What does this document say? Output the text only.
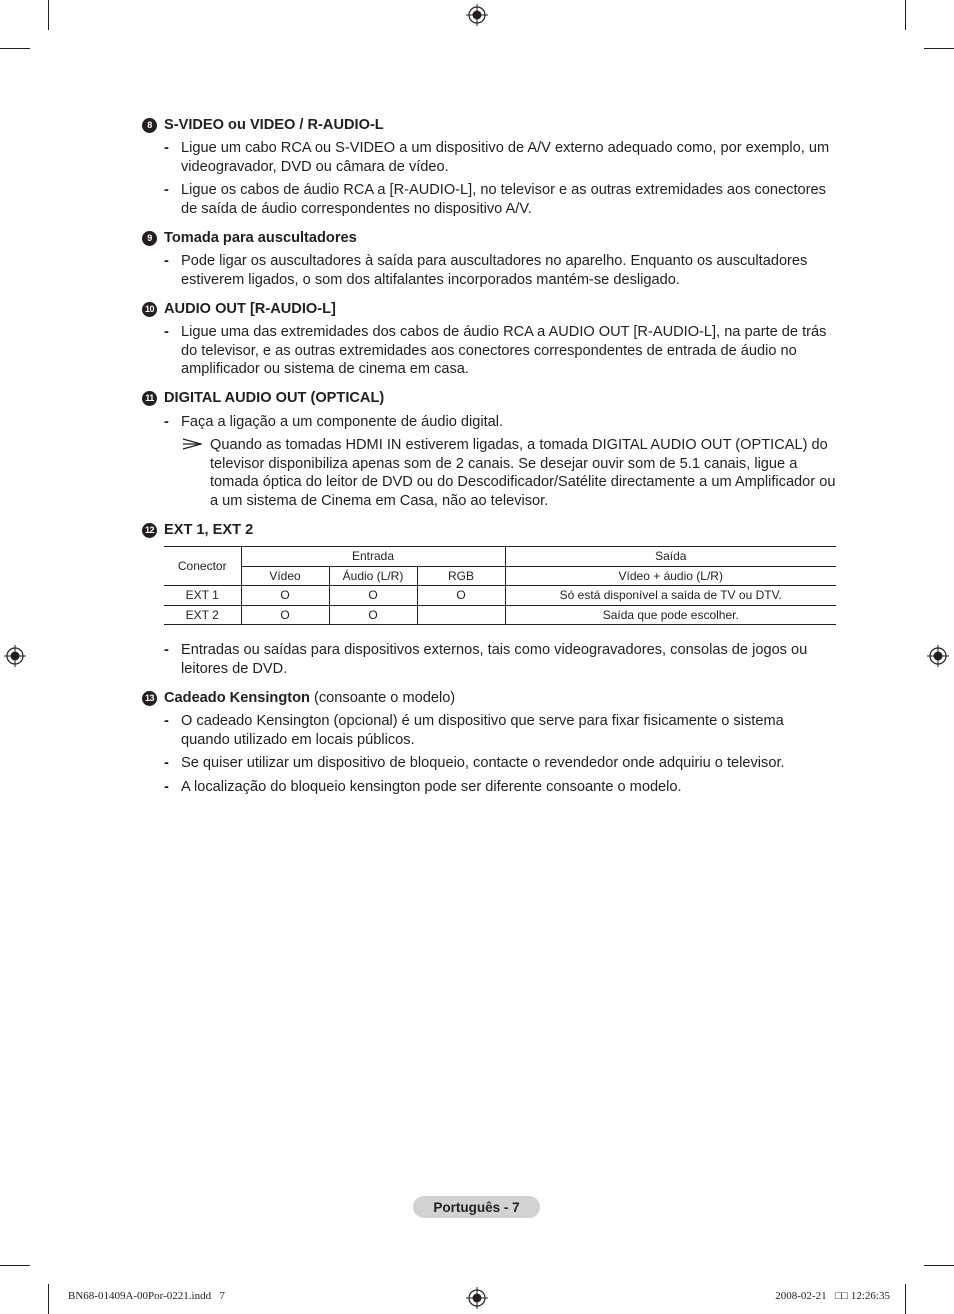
8 S-VIDEO ou VIDEO / R-AUDIO-L
- Ligue um cabo RCA ou S-VIDEO a um dispositivo de A/V externo adequado como, por exemplo, um videogravador, DVD ou câmara de vídeo.
- Ligue os cabos de áudio RCA a [R-AUDIO-L], no televisor e as outras extremidades aos conectores de saída de áudio correspondentes no dispositivo A/V.
9 Tomada para auscultadores
- Pode ligar os auscultadores à saída para auscultadores no aparelho. Enquanto os auscultadores estiverem ligados, o som dos altifalantes incorporados mantém-se desligado.
10 AUDIO OUT [R-AUDIO-L]
- Ligue uma das extremidades dos cabos de áudio RCA a AUDIO OUT [R-AUDIO-L], na parte de trás do televisor, e as outras extremidades aos conectores correspondentes de entrada de áudio no amplificador ou sistema de cinema em casa.
11 DIGITAL AUDIO OUT (OPTICAL)
- Faça a ligação a um componente de áudio digital.
Quando as tomadas HDMI IN estiverem ligadas, a tomada DIGITAL AUDIO OUT (OPTICAL) do televisor disponibiliza apenas som de 2 canais. Se desejar ouvir som de 5.1 canais, ligue a tomada óptica do leitor de DVD ou do Descodificador/Satélite directamente a um Amplificador ou a um sistema de Cinema em Casa, não ao televisor.
12 EXT 1, EXT 2
Conector	Entrada			Saída
	Vídeo	Áudio (L/R)	RGB	Vídeo + áudio (L/R)
EXT 1	O	O	O	Só está disponível a saída de TV ou DTV.
EXT 2	O	O		Saída que pode escolher.
- Entradas ou saídas para dispositivos externos, tais como videogravadores, consolas de jogos ou leitores de DVD.
13 Cadeado Kensington (consoante o modelo)
- O cadeado Kensington (opcional) é um dispositivo que serve para fixar fisicamente o sistema quando utilizado em locais públicos.
- Se quiser utilizar um dispositivo de bloqueio, contacte o revendedor onde adquiriu o televisor.
- A localização do bloqueio kensington pode ser diferente consoante o modelo.
Português - 7
BN68-01409A-00Por-0221.indd   7	2008-02-21   □□ 12:26:35
